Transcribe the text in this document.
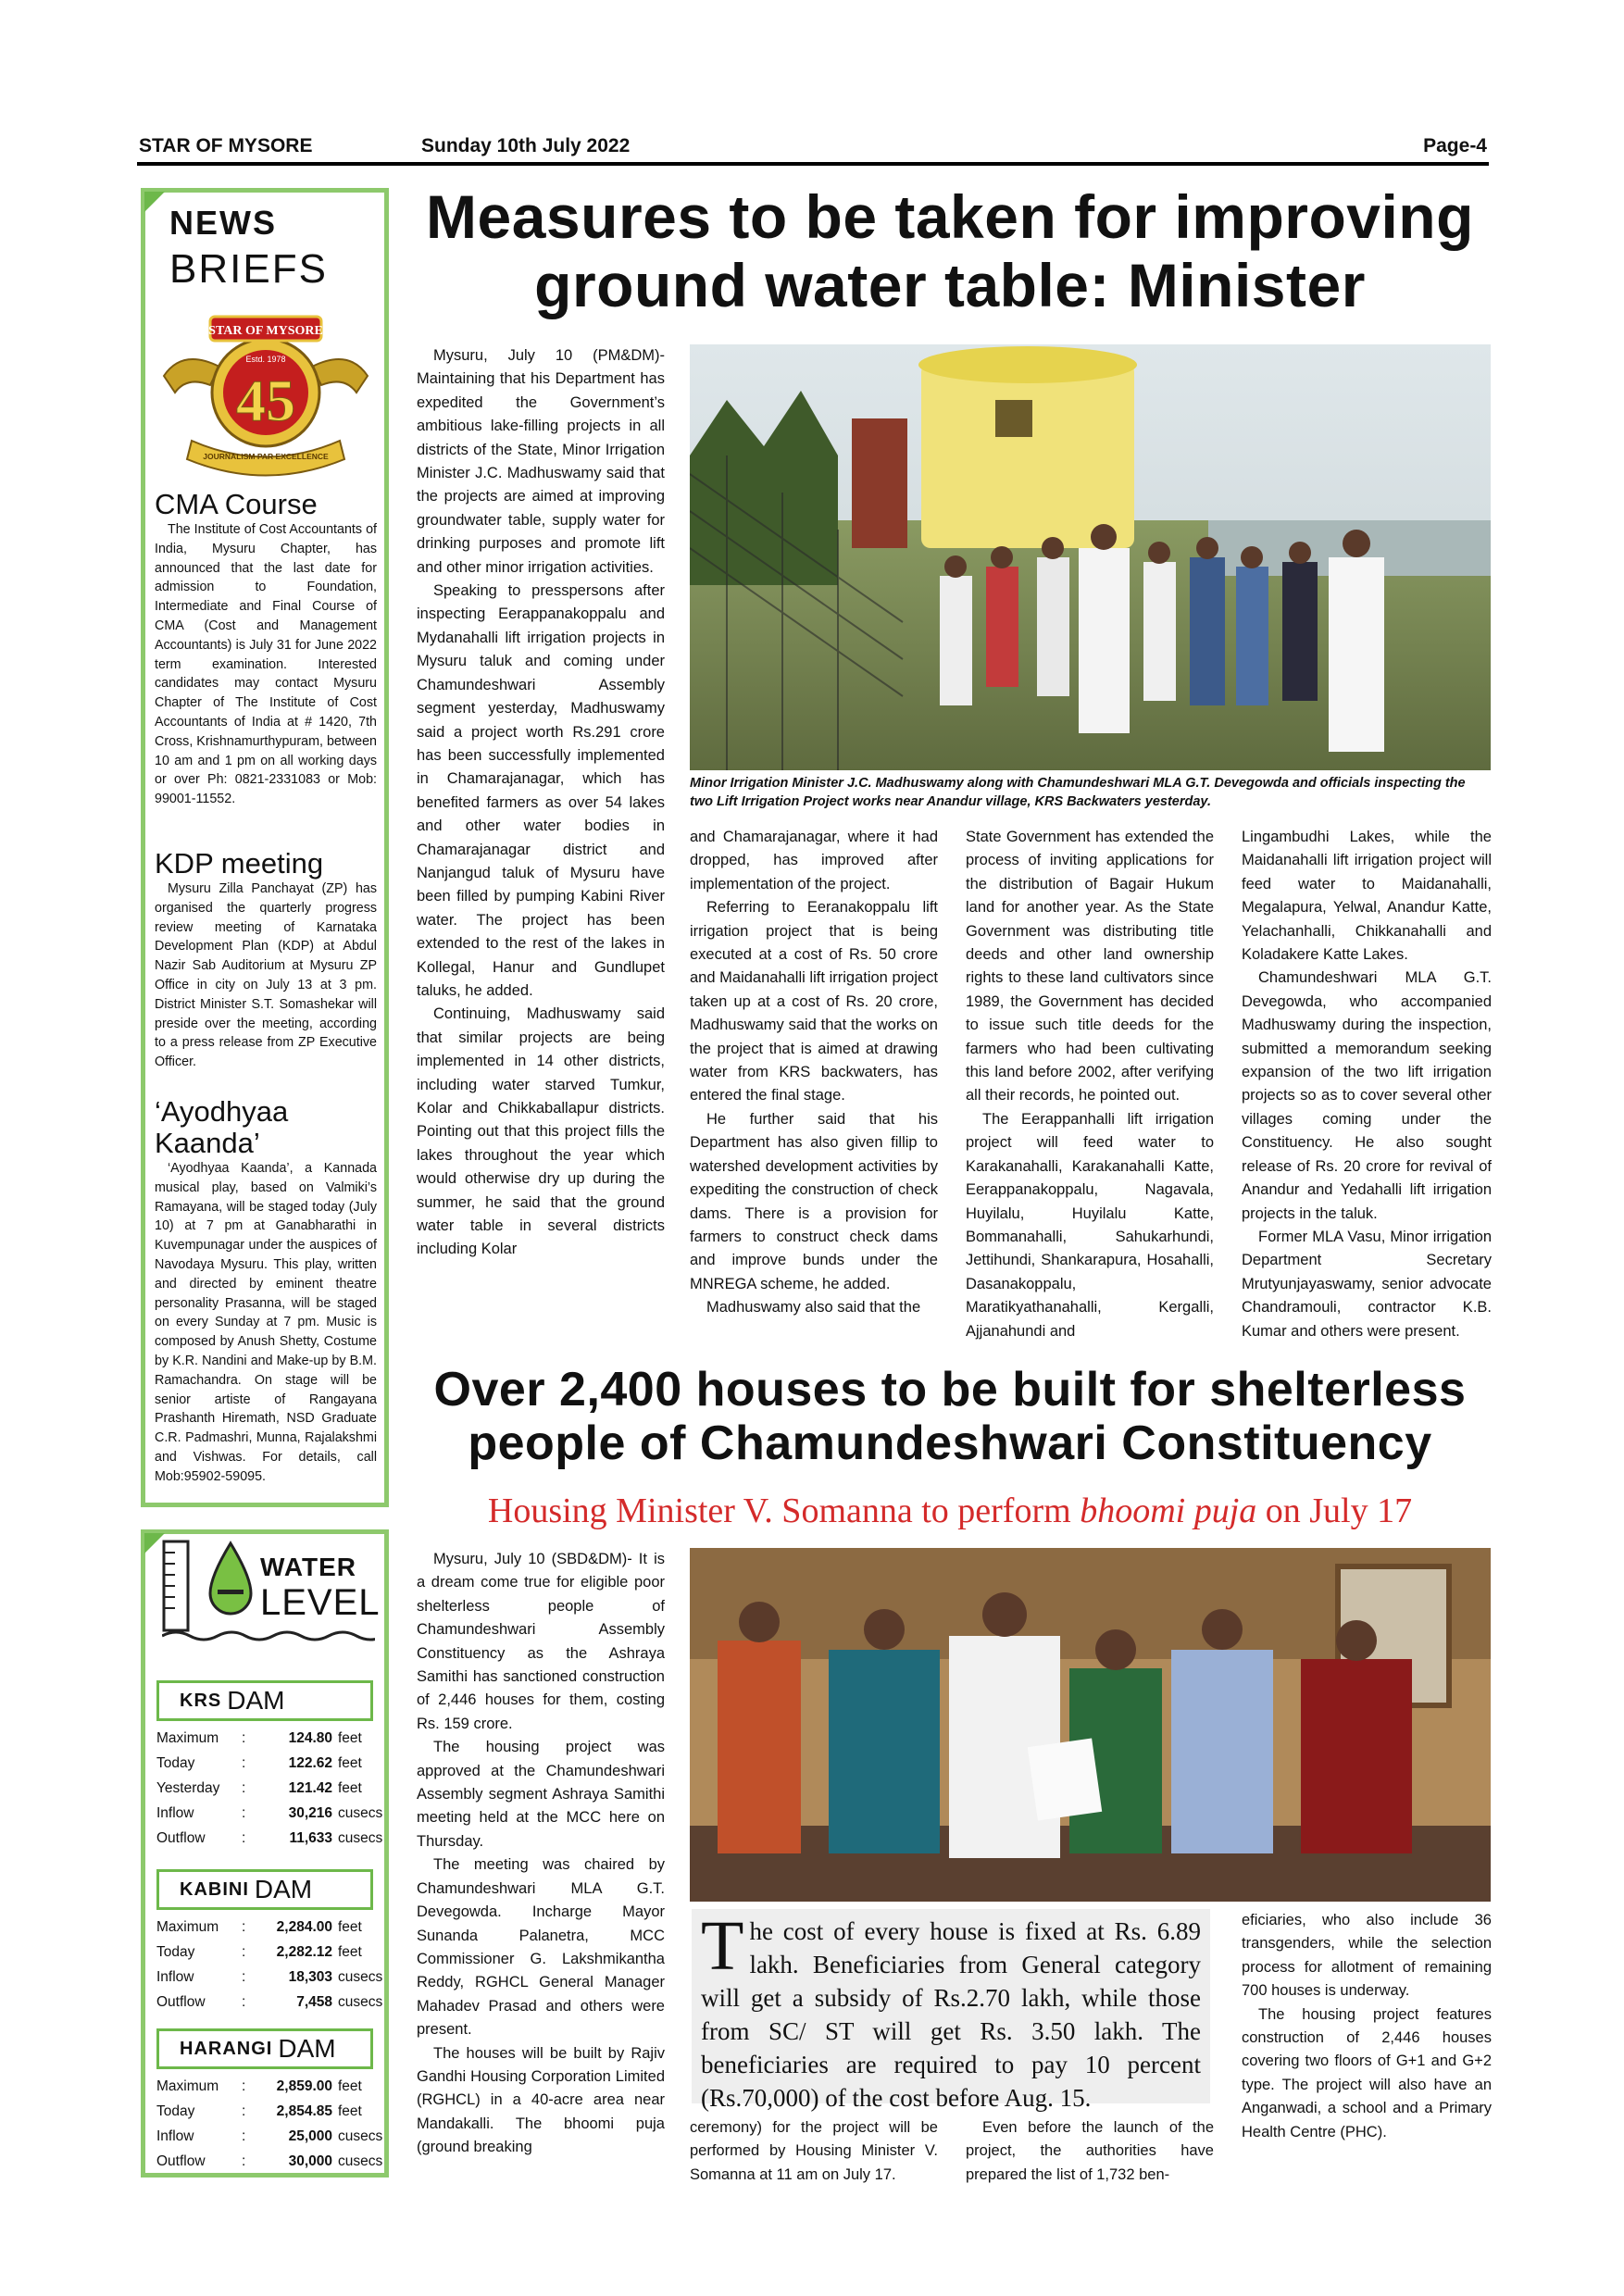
STAR OF MYSORE	Sunday 10th July 2022	Page-4
NEWS
BRIEFS
STAR OF MYSORE
Estd. 1978
45
JOURNALISM PAR EXCELLENCE
CMA Course
The Institute of Cost Accountants of India, Mysuru Chapter, has announced that the last date for admission to Foundation, Intermediate and Final Course of CMA (Cost and Management Accountants) is July 31 for June 2022 term examination. Interested candidates may contact Mysuru Chapter of The Institute of Cost Accountants of India at # 1420, 7th Cross, Krishnamurthypuram, between 10 am and 1 pm on all working days or over Ph: 0821-2331083 or Mob: 99001-11552.
KDP meeting
Mysuru Zilla Panchayat (ZP) has organised the quarterly progress review meeting of Karnataka Development Plan (KDP) at Abdul Nazir Sab Auditorium at Mysuru ZP Office in city on July 13 at 3 pm. District Minister S.T. Somashekar will preside over the meeting, according to a press release from ZP Executive Officer.
‘Ayodhyaa Kaanda’
‘Ayodhyaa Kaanda’, a Kannada musical play, based on Valmiki’s Ramayana, will be staged today (July 10) at 7 pm at Ganabharathi in Kuvempunagar under the auspices of Navodaya Mysuru. This play, written and directed by eminent theatre personality Prasanna, will be staged on every Sunday at 7 pm. Music is composed by Anush Shetty, Costume by K.R. Nandini and Make-up by B.M. Ramachandra. On stage will be senior artiste of Rangayana Prashanth Hiremath, NSD Graduate C.R. Padmashri, Munna, Rajalakshmi and Vishwas. For details, call Mob:95902-59095.
WATER
LEVEL
KRS DAM
Maximum :	124.80 feet
Today	:	122.62 feet
Yesterday :	121.42 feet
Inflow	:	30,216 cusecs
Outflow	:	11,633 cusecs
KABINI DAM
Maximum : 2,284.00 feet
Today	: 2,282.12 feet
Inflow	:	18,303 cusecs
Outflow	:	7,458 cusecs
HARANGI DAM
Maximum : 2,859.00 feet
Today	: 2,854.85 feet
Inflow	:	25,000 cusecs
Outflow	:	30,000 cusecs
Measures to be taken for improving
ground water table: Minister

Mysuru, July 10 (PM&DM)- Maintaining that his Department has expedited the Government’s ambitious lake-filling projects in all districts of the State, Minor Irrigation Minister J.C. Madhuswamy said that the projects are aimed at improving groundwater table, supply water for drinking purposes and promote lift and other minor irrigation activities.

Speaking to presspersons after inspecting Eerappanakoppalu and Mydanahalli lift irrigation projects in Mysuru taluk and coming under Chamundeshwari Assembly segment yesterday, Madhuswamy said a project worth Rs.291 crore has been successfully implemented in Chamarajanagar, which has benefited farmers as over 54 lakes and other water bodies in Chamarajanagar district and Nanjangud taluk of Mysuru have been filled by pumping Kabini River water. The project has been extended to the rest of the lakes in Kollegal, Hanur and Gundlupet taluks, he added.

Continuing, Madhuswamy said that similar projects are being implemented in 14 other districts, including water starved Tumkur, Kolar and Chikkaballapur districts. Pointing out that this project fills the lakes throughout the year which would otherwise dry up during the summer, he said that the ground water table in several districts including Kolar

Minor Irrigation Minister J.C. Madhuswamy along with Chamundeshwari MLA G.T. Devegowda and officials inspecting the two Lift Irrigation Project works near Anandur village, KRS Backwaters yesterday.

and Chamarajanagar, where it had dropped, has improved after implementation of the project.

Referring to Eeranakoppalu lift irrigation project that is being executed at a cost of Rs. 50 crore and Maidanahalli lift irrigation project taken up at a cost of Rs. 20 crore, Madhuswamy said that the works on the project that is aimed at drawing water from KRS backwaters, has entered the final stage.

He further said that his Department has also given fillip to watershed development activities by expediting the construction of check dams. There is a provision for farmers to construct check dams and improve bunds under the MNREGA scheme, he added.

Madhuswamy also said that the

State Government has extended the process of inviting applications for the distribution of Bagair Hukum land for another year. As the State Government was distributing title deeds and other land ownership rights to these land cultivators since 1989, the Government has decided to issue such title deeds for the farmers who had been cultivating this land before 2002, after verifying all their records, he pointed out.

The Eerappanhalli lift irrigation project will feed water to Karakanahalli, Karakanahalli Katte, Eerappanakoppalu, Nagavala, Huyilalu, Huyilalu Katte, Bommanahalli, Sahukarhundi, Jettihundi, Shankarapura, Hosahalli, Dasanakoppalu, Maratikyathanahalli, Kergalli, Ajjanahundi and

Lingambudhi Lakes, while the Maidanahalli lift irrigation project will feed water to Maidanahalli, Megalapura, Yelwal, Anandur Katte, Yelachanhalli, Chikkanahalli and Koladakere Katte Lakes.

Chamundeshwari MLA G.T. Devegowda, who accompanied Madhuswamy during the inspection, submitted a memorandum seeking expansion of the two lift irrigation projects so as to cover several other villages coming under the Constituency. He also sought release of Rs. 20 crore for revival of Anandur and Yedahalli lift irrigation projects in the taluk.

Former MLA Vasu, Minor irrigation Department Secretary Mrutyunjayaswamy, senior advocate Chandramouli, contractor K.B. Kumar and others were present.

Over 2,400 houses to be built for shelterless
people of Chamundeshwari Constituency
Housing Minister V. Somanna to perform bhoomi puja on July 17

Mysuru, July 10 (SBD&DM)- It is a dream come true for eligible poor shelterless people of Chamundeshwari Assembly Constituency as the Ashraya Samithi has sanctioned construction of 2,446 houses for them, costing Rs. 159 crore.

The housing project was approved at the Chamundeshwari Assembly segment Ashraya Samithi meeting held at the MCC here on Thursday.

The meeting was chaired by Chamundeshwari MLA G.T. Devegowda. Incharge Mayor Sunanda Palanetra, MCC Commissioner G. Lakshmikantha Reddy, RGHCL General Manager Mahadev Prasad and others were present.

The houses will be built by Rajiv Gandhi Housing Corporation Limited (RGHCL) in a 40-acre area near Mandakalli. The bhoomi puja (ground breaking

The cost of every house is fixed at Rs. 6.89 lakh. Beneficiaries from General category will get a subsidy of Rs.2.70 lakh, while those from SC/ ST will get Rs. 3.50 lakh. The beneficiaries are required to pay 10 percent (Rs.70,000) of the cost before Aug. 15.

ceremony) for the project will be performed by Housing Minister V. Somanna at 11 am on July 17.

Even before the launch of the project, the authorities have prepared the list of 1,732 ben-

eficiaries, who also include 36 transgenders, while the selection process for allotment of remaining 700 houses is underway.

The housing project features construction of 2,446 houses covering two floors of G+1 and G+2 type. The project will also have an Anganwadi, a school and a Primary Health Centre (PHC).
